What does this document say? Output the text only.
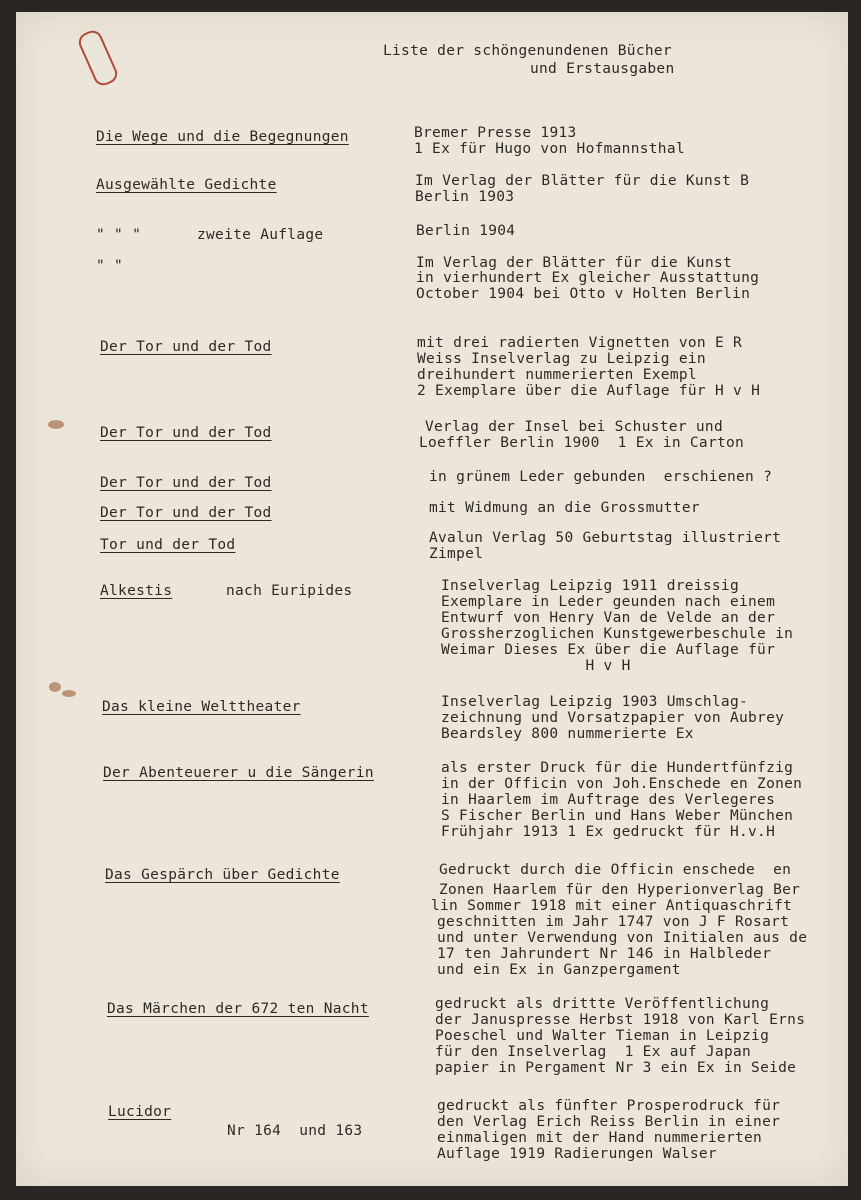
Liste der schöngenundenen Bücher
und Erstausgaben
Die Wege und die Begegnungen
Ausgewählte Gedichte
" " "	zweite Auflage
" "
Der Tor und der Tod
Der Tor und der Tod
Der Tor und der Tod
Der Tor und der Tod
Tor und der Tod
Alkestis	nach Euripides
Das kleine Welttheater
Der Abenteuerer u die Sängerin
Das Gespärch über Gedichte
Das Märchen der 672 ten Nacht
Lucidor
Nr 164  und 163
Bremer Presse 1913
1 Ex für Hugo von Hofmannsthal
Im Verlag der Blätter für die Kunst B
Berlin 1903
Berlin 1904
Im Verlag der Blätter für die Kunst
in vierhundert Ex gleicher Ausstattung
October 1904 bei Otto v Holten Berlin
mit drei radierten Vignetten von E R
Weiss Inselverlag zu Leipzig ein
dreihundert nummerierten Exempl
2 Exemplare über die Auflage für H v H
Verlag der Insel bei Schuster und
Loeffler Berlin 1900  1 Ex in Carton
in grünem Leder gebunden  erschienen ?
mit Widmung an die Grossmutter
Avalun Verlag 50 Geburtstag illustriert
Zimpel
Inselverlag Leipzig 1911 dreissig
Exemplare in Leder geunden nach einem
Entwurf von Henry Van de Velde an der
Grossherzoglichen Kunstgewerbeschule in
Weimar Dieses Ex über die Auflage für
H v H
Inselverlag Leipzig 1903 Umschlag-
zeichnung und Vorsatzpapier von Aubrey
Beardsley 800 nummerierte Ex
als erster Druck für die Hundertfünfzig
in der Officin von Joh.Enschede en Zonen
in Haarlem im Auftrage des Verlegeres
S Fischer Berlin und Hans Weber München
Frühjahr 1913 1 Ex gedruckt für H.v.H
Gedruckt durch die Officin enschede  en
Zonen Haarlem für den Hyperionverlag Ber
lin Sommer 1918 mit einer Antiquaschrift
geschnitten im Jahr 1747 von J F Rosart
und unter Verwendung von Initialen aus de
17 ten Jahrundert Nr 146 in Halbleder
und ein Ex in Ganzpergament
gedruckt als drittte Veröffentlichung
der Januspresse Herbst 1918 von Karl Erns
Poeschel und Walter Tieman in Leipzig
für den Inselverlag  1 Ex auf Japan
papier in Pergament Nr 3 ein Ex in Seide
gedruckt als fünfter Prosperodruck für
den Verlag Erich Reiss Berlin in einer
einmaligen mit der Hand nummerierten
Auflage 1919 Radierungen Walser
